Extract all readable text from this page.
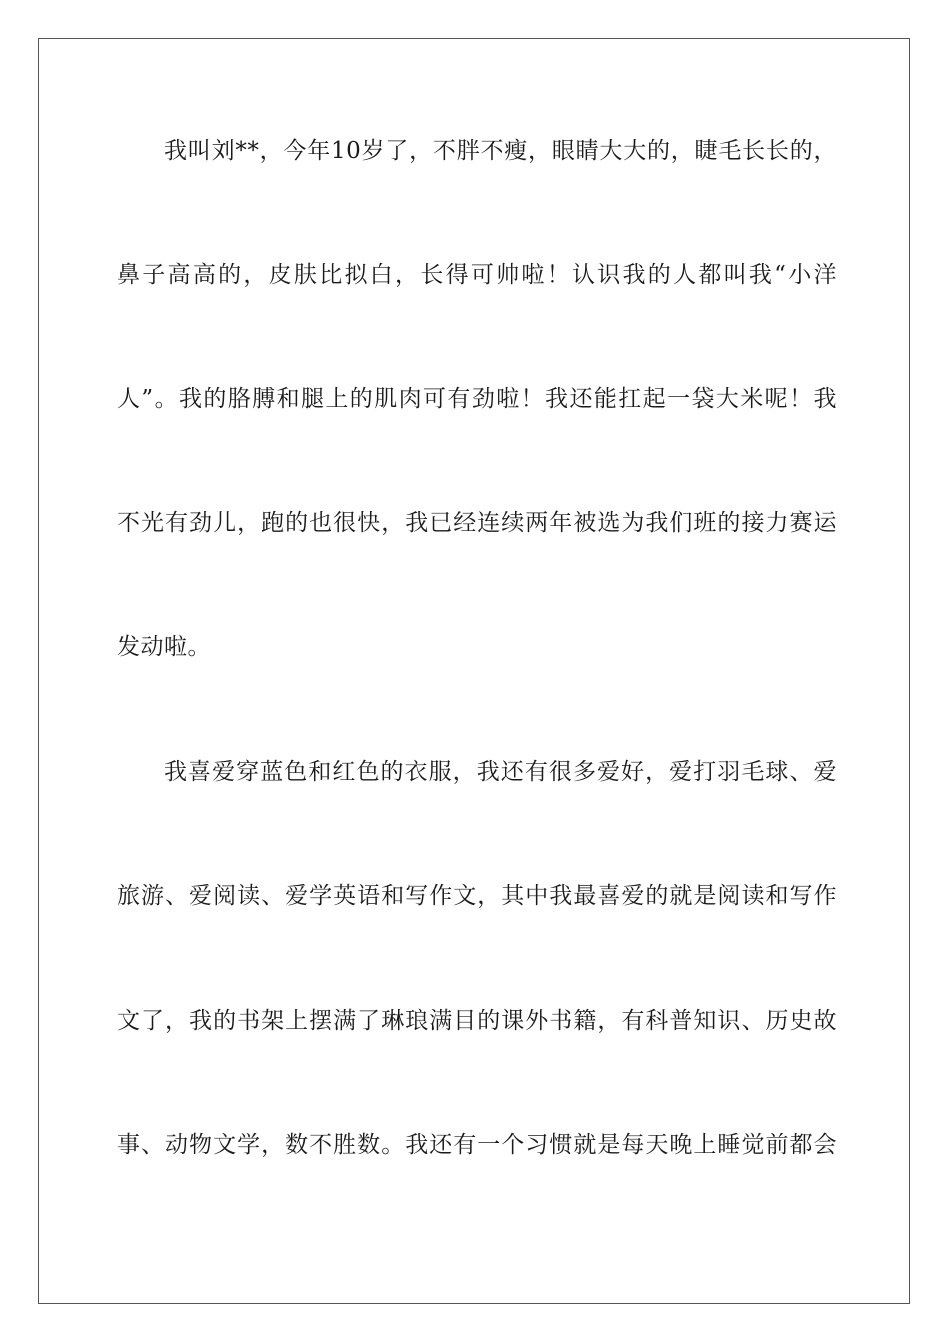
我叫刘**，今年10岁了，不胖不瘦，眼睛大大的，睫毛长长的，
鼻子高高的，皮肤比拟白，长得可帅啦！认识我的人都叫我“小洋
人”。我的胳膊和腿上的肌肉可有劲啦！我还能扛起一袋大米呢！我
不光有劲儿，跑的也很快，我已经连续两年被选为我们班的接力赛运
发动啦。
我喜爱穿蓝色和红色的衣服，我还有很多爱好，爱打羽毛球、爱
旅游、爱阅读、爱学英语和写作文，其中我最喜爱的就是阅读和写作
文了，我的书架上摆满了琳琅满目的课外书籍，有科普知识、历史故
事、动物文学，数不胜数。我还有一个习惯就是每天晚上睡觉前都会
